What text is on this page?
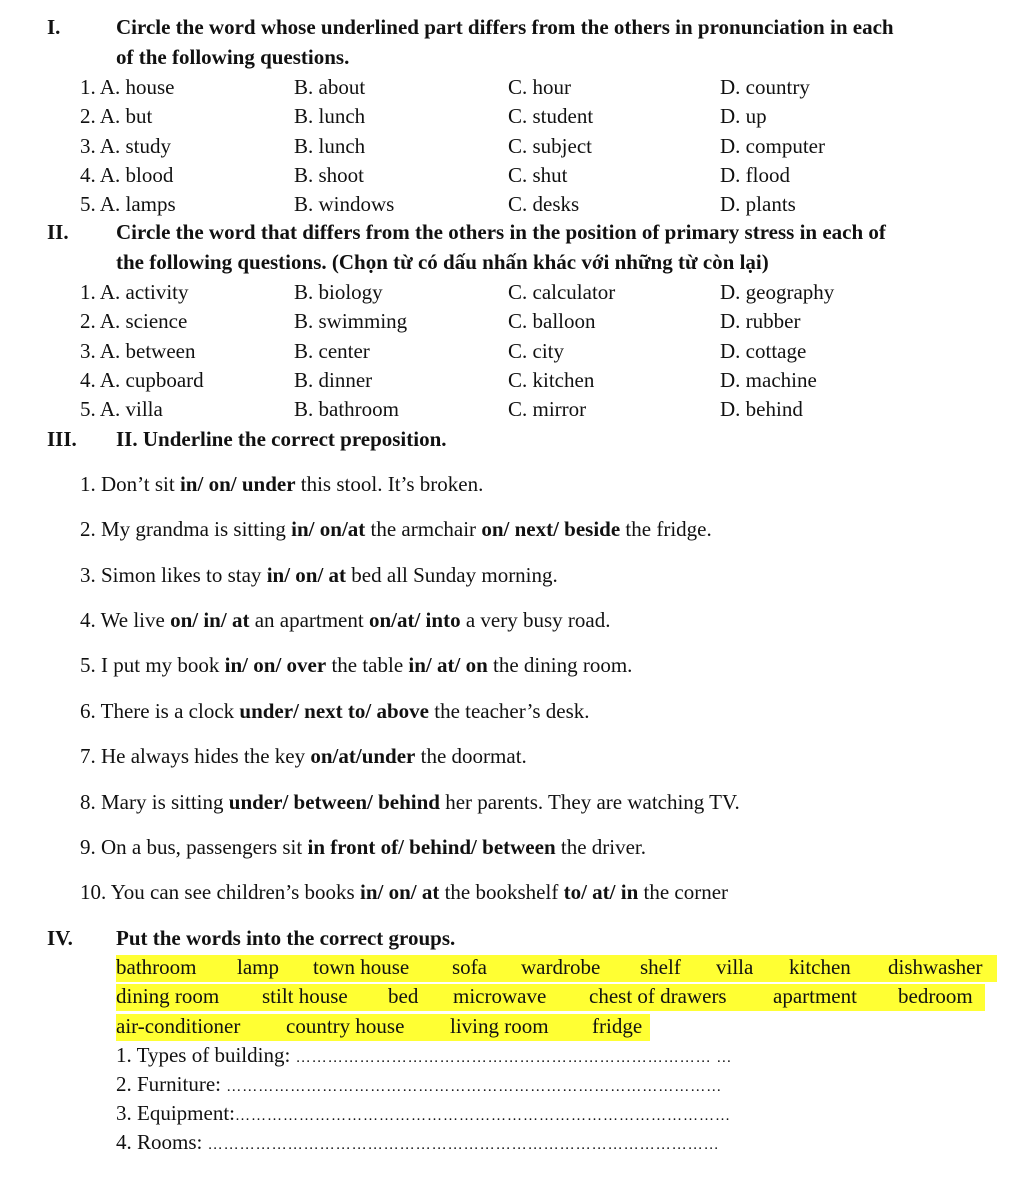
I.	Circle the word whose underlined part differs from the others in pronunciation in each
of the following questions.
1. A. house	B. about	C. hour	D. country
2. A. but	B. lunch	C. student	D. up
3. A. study	B. lunch	C. subject	D. computer
4. A. blood	B. shoot	C. shut	D. flood
5. A. lamps	B. windows	C. desks	D. plants
II. Circle the word that differs from the others in the position of primary stress in each of
the following questions. (Chọn từ có dấu nhấn khác với những từ còn lại)
1. A. activity	B. biology	C. calculator	D. geography
2. A. science	B. swimming	C. balloon	D. rubber
3. A. between	B. center	C. city	D. cottage
4. A. cupboard	B. dinner	C. kitchen	D. machine
5. A. villa	B. bathroom	C. mirror	D. behind
III. II. Underline the correct preposition.
1. Don’t sit in/ on/ under this stool. It’s broken.
2. My grandma is sitting in/ on/at the armchair on/ next/ beside the fridge.
3. Simon likes to stay in/ on/ at bed all Sunday morning.
4. We live on/ in/ at an apartment on/at/ into a very busy road.
5. I put my book in/ on/ over the table in/ at/ on the dining room.
6. There is a clock under/ next to/ above the teacher’s desk.
7. He always hides the key on/at/under the doormat.
8. Mary is sitting under/ between/ behind her parents. They are watching TV.
9. On a bus, passengers sit in front of/ behind/ between the driver.
10. You can see children’s books in/ on/ at the bookshelf to/ at/ in the corner
IV. Put the words into the correct groups.
bathroom lamp town house sofa wardrobe shelf villa kitchen dishwasher
dining room stilt house bed microwave chest of drawers apartment bedroom
air-conditioner country house living room fridge
1. Types of building: …………………………………………………………………… …
2. Furniture: …………………………………………………………………………………
3. Equipment:…………………………………………………………………………………
4. Rooms: ……………………………………………………………………………………
